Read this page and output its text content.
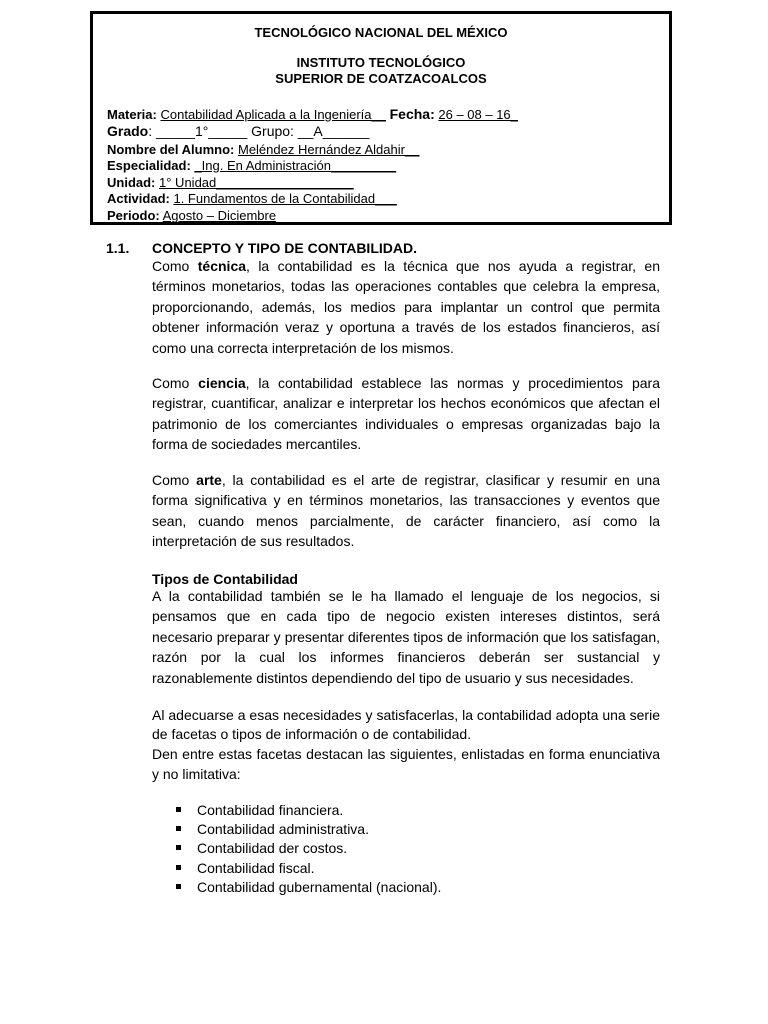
TECNOLÓGICO NACIONAL DEL MÉXICO
INSTITUTO TECNOLÓGICO
SUPERIOR DE COATZACOALCOS
Materia: Contabilidad Aplicada a la Ingeniería__ Fecha: 26 – 08 – 16_
Grado: _____1°_____ Grupo: __A______
Nombre del Alumno: Meléndez Hernández Aldahir__
Especialidad: _Ing. En Administración_________
Unidad: 1° Unidad___________________
Actividad: 1. Fundamentos de la Contabilidad___
Periodo: Agosto – Diciembre
1.1. CONCEPTO Y TIPO DE CONTABILIDAD.

Como técnica, la contabilidad es la técnica que nos ayuda a registrar, en términos monetarios, todas las operaciones contables que celebra la empresa, proporcionando, además, los medios para implantar un control que permita obtener información veraz y oportuna a través de los estados financieros, así como una correcta interpretación de los mismos.

Como ciencia, la contabilidad establece las normas y procedimientos para registrar, cuantificar, analizar e interpretar los hechos económicos que afectan el patrimonio de los comerciantes individuales o empresas organizadas bajo la forma de sociedades mercantiles.

Como arte, la contabilidad es el arte de registrar, clasificar y resumir en una forma significativa y en términos monetarios, las transacciones y eventos que sean, cuando menos parcialmente, de carácter financiero, así como la interpretación de sus resultados.

Tipos de Contabilidad

A la contabilidad también se le ha llamado el lenguaje de los negocios, si pensamos que en cada tipo de negocio existen intereses distintos, será necesario preparar y presentar diferentes tipos de información que los satisfagan, razón por la cual los informes financieros deberán ser sustancial y razonablemente distintos dependiendo del tipo de usuario y sus necesidades.

Al adecuarse a esas necesidades y satisfacerlas, la contabilidad adopta una serie de facetas o tipos de información o de contabilidad.

Den entre estas facetas destacan las siguientes, enlistadas en forma enunciativa y no limitativa:

Contabilidad financiera.
Contabilidad administrativa.
Contabilidad der costos.
Contabilidad fiscal.
Contabilidad gubernamental (nacional).
